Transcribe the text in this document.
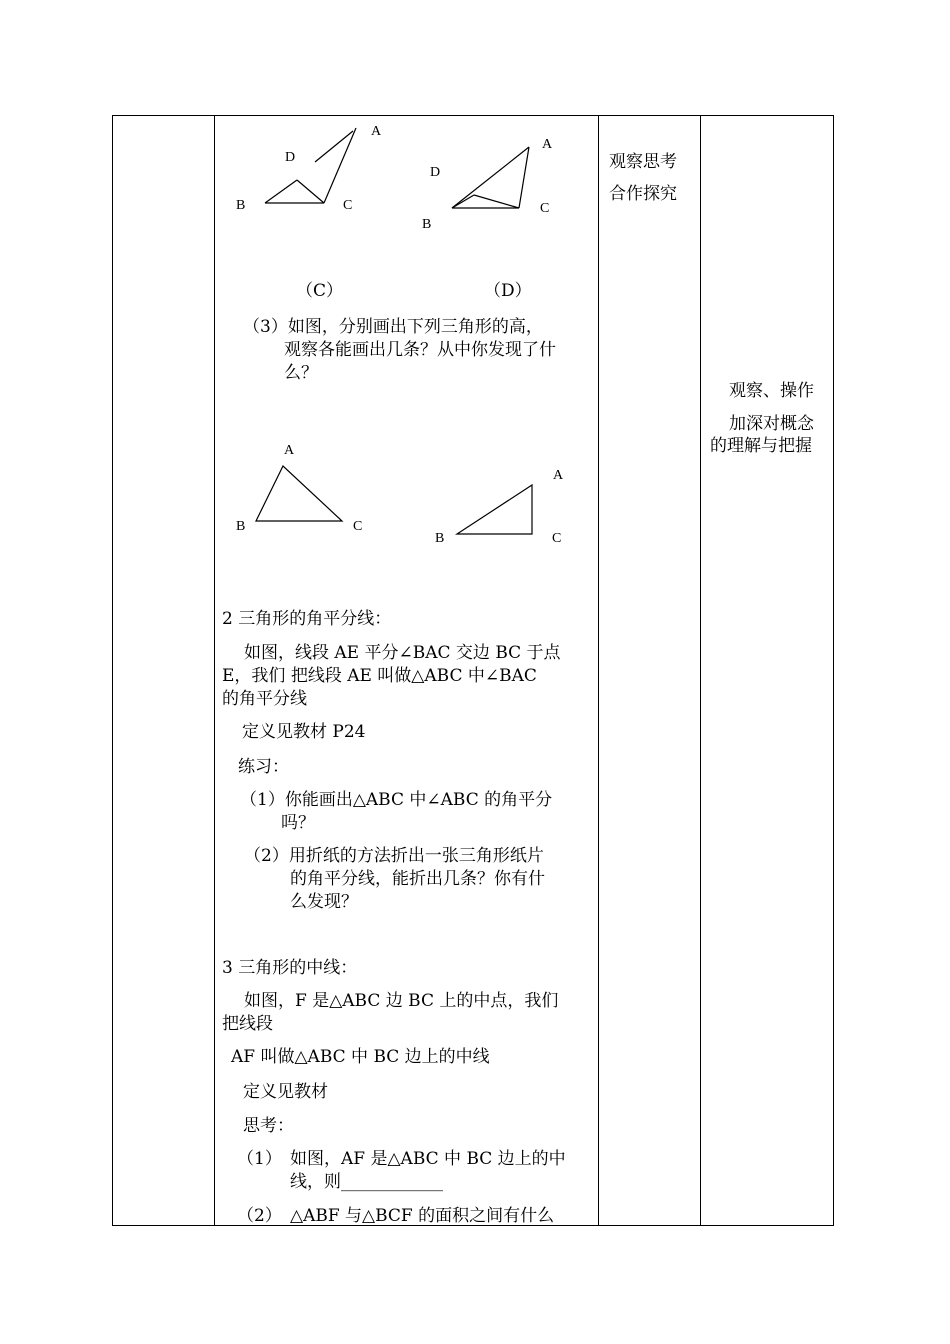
A
D
B	C
A
D
B
C
（C）	（D）
（3）如图，分别画出下列三角形的高，
观察各能画出几条？从中你发现了什
么？
A
B	C
A
B	C
2 三角形的角平分线：
如图，线段 AE 平分∠BAC 交边 BC 于点
E，我们 把线段 AE 叫做△ABC 中∠BAC
的角平分线
定义见教材 P24
练习：
（1）你能画出△ABC 中∠ABC 的角平分
吗？
（2）用折纸的方法折出一张三角形纸片
的角平分线，能折出几条？你有什
么发现？
3 三角形的中线：
如图，F 是△ABC 边 BC 上的中点，我们
把线段
AF 叫做△ABC 中 BC 边上的中线
定义见教材
思考：
（1） 如图，AF 是△ABC 中 BC 边上的中
线，则____________
（2） △ABF 与△BCF 的面积之间有什么
观察思考
合作探究
观察、操作
加深对概念
的理解与把握
